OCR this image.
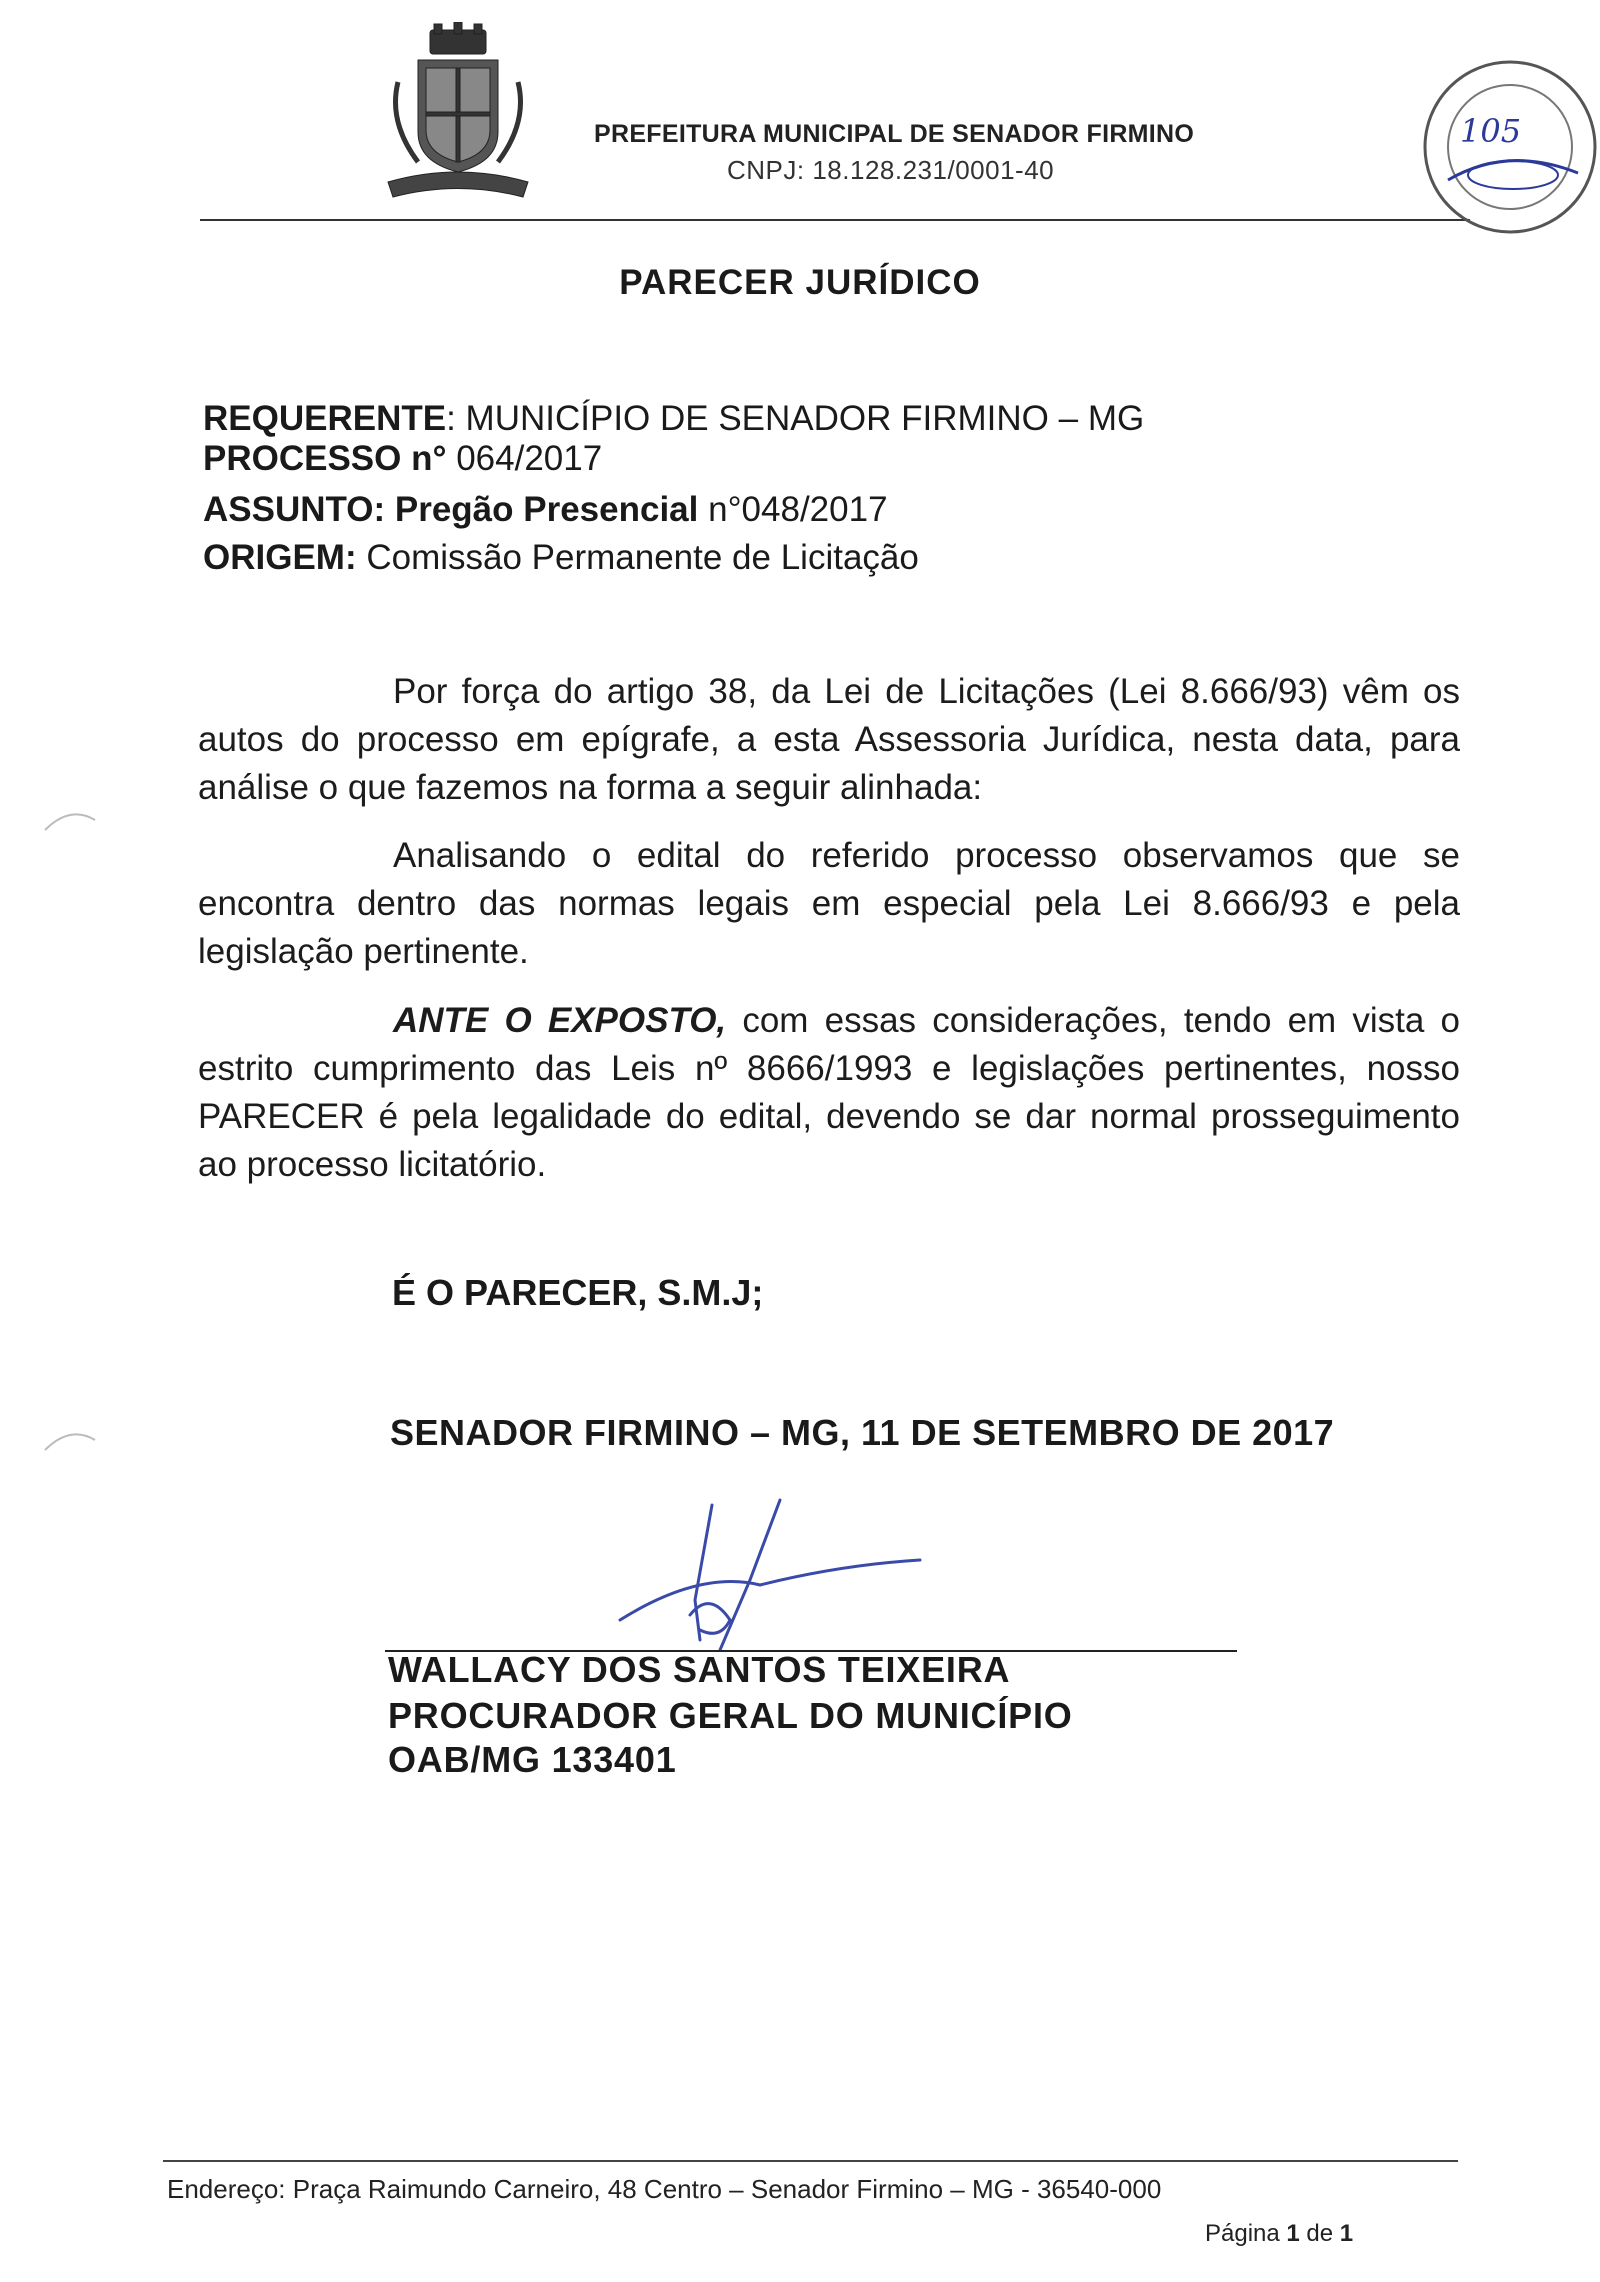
PREFEITURA MUNICIPAL DE SENADOR FIRMINO
CNPJ: 18.128.231/0001-40
105
PARECER JURÍDICO
REQUERENTE: MUNICÍPIO DE SENADOR FIRMINO – MG
PROCESSO n° 064/2017
ASSUNTO: Pregão Presencial n°048/2017
ORIGEM: Comissão Permanente de Licitação
Por força do artigo 38, da Lei de Licitações (Lei 8.666/93) vêm os autos do processo em epígrafe, a esta Assessoria Jurídica, nesta data, para análise o que fazemos na forma a seguir alinhada:
Analisando o edital do referido processo observamos que se encontra dentro das normas legais em especial pela Lei 8.666/93 e pela legislação pertinente.
ANTE O EXPOSTO, com essas considerações, tendo em vista o estrito cumprimento das Leis nº 8666/1993 e legislações pertinentes, nosso PARECER é pela legalidade do edital, devendo se dar normal prosseguimento ao processo licitatório.
É O PARECER, S.M.J;
SENADOR FIRMINO – MG, 11 DE SETEMBRO DE 2017
WALLACY DOS SANTOS TEIXEIRA
PROCURADOR GERAL DO MUNICÍPIO
OAB/MG 133401
Endereço: Praça Raimundo Carneiro, 48 Centro – Senador Firmino – MG - 36540-000
Página 1 de 1
